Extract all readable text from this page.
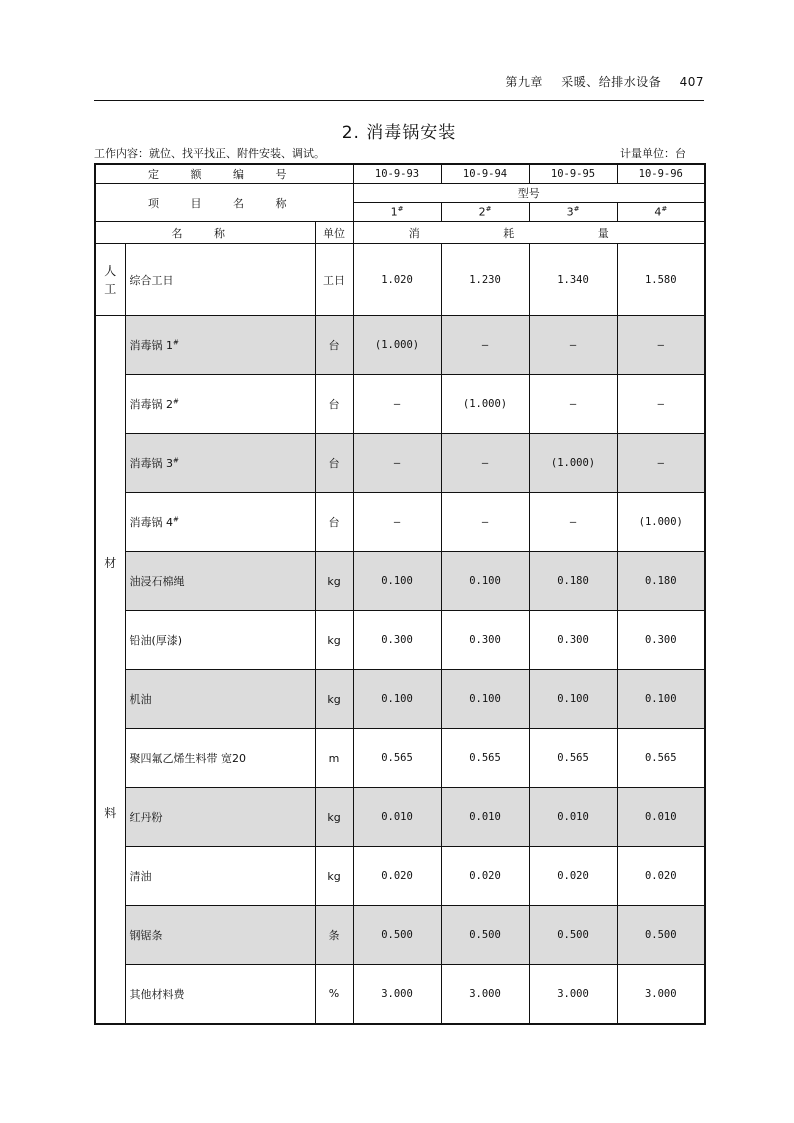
第九章 采暖、给排水设备 407
2. 消毒锅安装
工作内容：就位、找平找正、附件安装、调试。	计量单位：台
定 额 编 号			10-9-93	10-9-94	10-9-95	10-9-96
项 目 名 称			型号			
			1#	2#	3#	4#
名 称		单位	消 耗 量			
人
工	综合工日	工日	1.020	1.230	1.340	1.580

材
料	消毒锅 1#	台	(1.000)	—	—	—
	消毒锅 2#	台	—	(1.000)	—	—
	消毒锅 3#	台	—	—	(1.000)	—
	消毒锅 4#	台	—	—	—	(1.000)
	油浸石棉绳	kg	0.100	0.100	0.180	0.180
	铅油(厚漆)	kg	0.300	0.300	0.300	0.300
	机油	kg	0.100	0.100	0.100	0.100
	聚四氟乙烯生料带 宽20	m	0.565	0.565	0.565	0.565
	红丹粉	kg	0.010	0.010	0.010	0.010
	清油	kg	0.020	0.020	0.020	0.020
	钢锯条	条	0.500	0.500	0.500	0.500
	其他材料费	%	3.000	3.000	3.000	3.000
